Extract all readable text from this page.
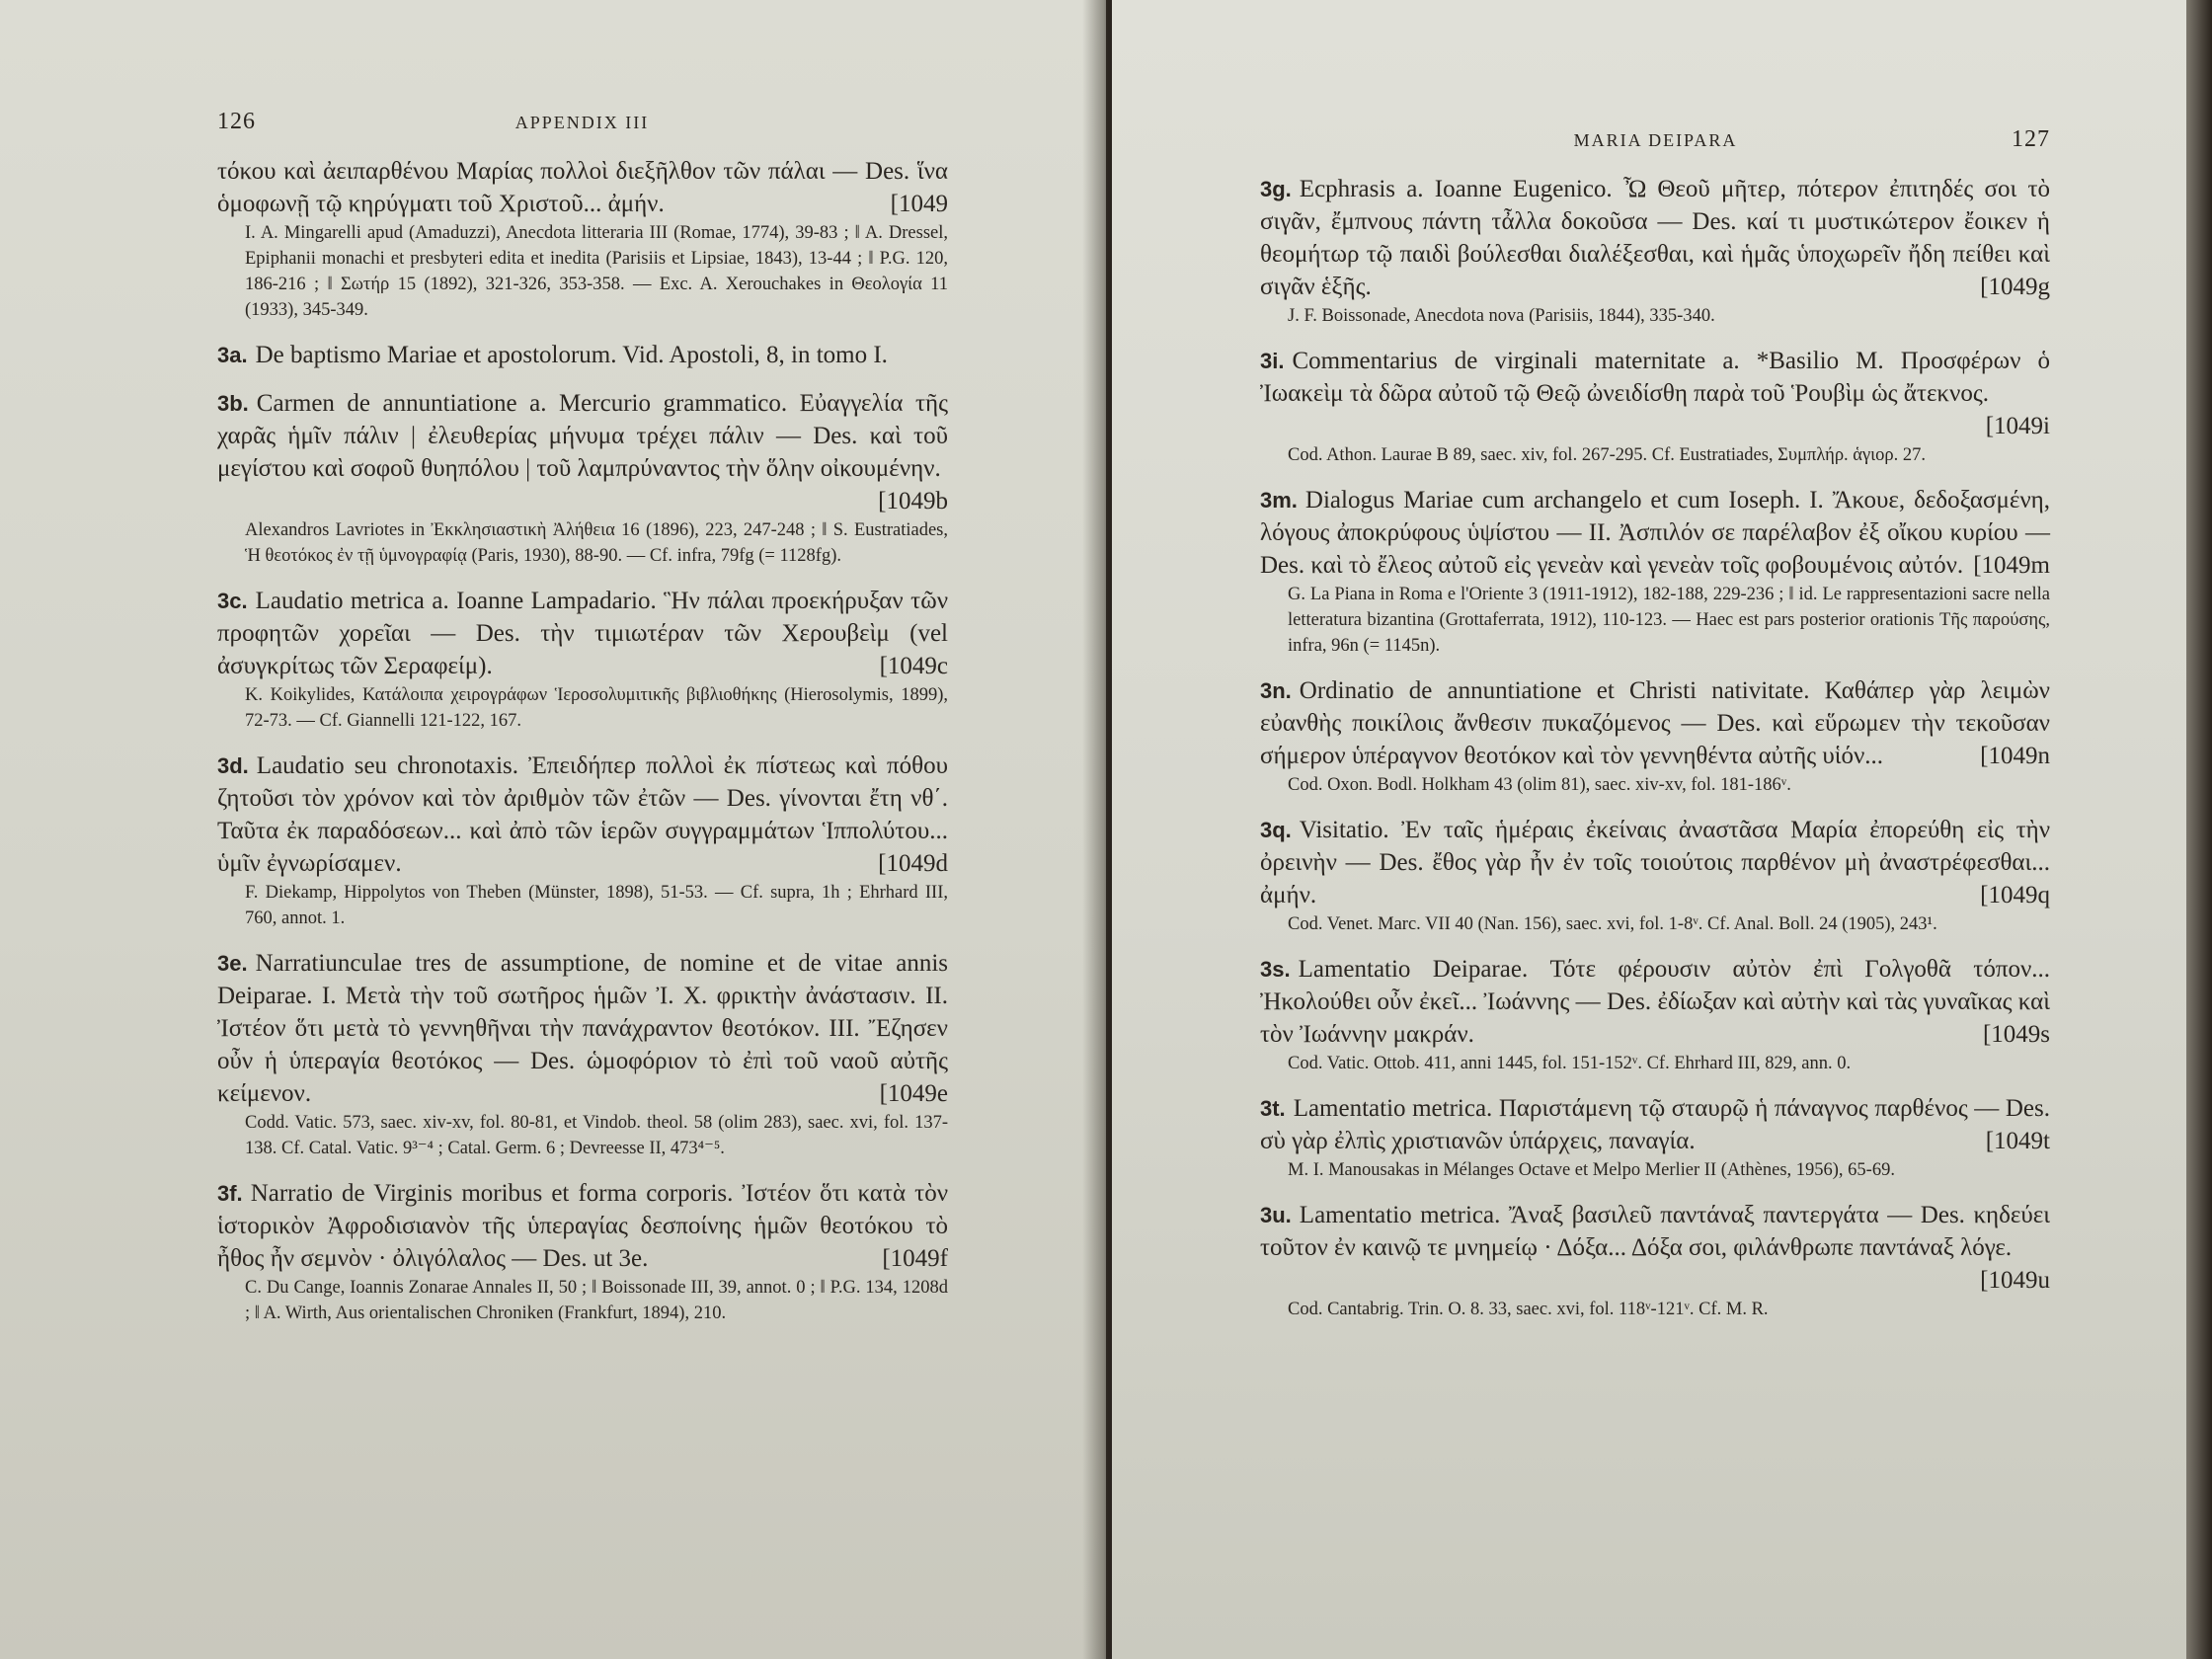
126	APPENDIX III
τόκου καὶ ἀειπαρθένου Μαρίας πολλοὶ διεξῆλθον τῶν πάλαι — Des. ἵνα ὁμοφωνῇ τῷ κηρύγματι τοῦ Χριστοῦ... ἀμήν.	[1049
I. A. Mingarelli apud (Amaduzzi), Anecdota litteraria III (Romae, 1774), 39-83 ; ‖ A. Dressel, Epiphanii monachi et presbyteri edita et inedita (Parisiis et Lipsiae, 1843), 13-44 ; ‖ P.G. 120, 186-216 ; ‖ Σωτήρ 15 (1892), 321-326, 353-358. — Exc. A. Xerouchakes in Θεολογία 11 (1933), 345-349.
3a. De baptismo Mariae et apostolorum. Vid. Apostoli, 8, in tomo I.
3b. Carmen de annuntiatione a. Mercurio grammatico. Εὐαγγελία τῆς χαρᾶς ἡμῖν πάλιν | ἐλευθερίας μήνυμα τρέχει πάλιν — Des. καὶ τοῦ μεγίστου καὶ σοφοῦ θυηπόλου | τοῦ λαμπρύναντος τὴν ὅλην οἰκουμένην.
[1049b
Alexandros Lavriotes in Ἐκκλησιαστικὴ Ἀλήθεια 16 (1896), 223, 247-248 ; ‖ S. Eustratiades, Ἡ θεοτόκος ἐν τῇ ὑμνογραφίᾳ (Paris, 1930), 88-90. — Cf. infra, 79fg (= 1128fg).
3c. Laudatio metrica a. Ioanne Lampadario. Ἣν πάλαι προεκήρυξαν τῶν προφητῶν χορεῖαι — Des. τὴν τιμιωτέραν τῶν Χερουβεὶμ (vel ἀσυγκρίτως τῶν Σεραφείμ).	[1049c
K. Koikylides, Κατάλοιπα χειρογράφων Ἱεροσολυμιτικῆς βιβλιοθήκης (Hierosolymis, 1899), 72-73. — Cf. Giannelli 121-122, 167.
3d. Laudatio seu chronotaxis. Ἐπειδήπερ πολλοὶ ἐκ πίστεως καὶ πόθου ζητοῦσι τὸν χρόνον καὶ τὸν ἀριθμὸν τῶν ἐτῶν — Des. γίνονται ἔτη νθ΄. Ταῦτα ἐκ παραδόσεων... καὶ ἀπὸ τῶν ἱερῶν συγγραμμάτων Ἱππολύτου... ὑμῖν ἐγνωρίσαμεν.	[1049d
F. Diekamp, Hippolytos von Theben (Münster, 1898), 51-53. — Cf. supra, 1h ; Ehrhard III, 760, annot. 1.
3e. Narratiunculae tres de assumptione, de nomine et de vitae annis Deiparae. I. Μετὰ τὴν τοῦ σωτῆρος ἡμῶν Ἰ. Χ. φρικτὴν ἀνάστασιν. II. Ἰστέον ὅτι μετὰ τὸ γεννηθῆναι τὴν πανάχραντον θεοτόκον. III. Ἔζησεν οὖν ἡ ὑπεραγία θεοτόκος — Des. ὡμοφόριον τὸ ἐπὶ τοῦ ναοῦ αὐτῆς κείμενον.	[1049e
Codd. Vatic. 573, saec. xiv-xv, fol. 80-81, et Vindob. theol. 58 (olim 283), saec. xvi, fol. 137-138. Cf. Catal. Vatic. 9³⁻⁴ ; Catal. Germ. 6 ; Devreesse II, 473⁴⁻⁵.
3f. Narratio de Virginis moribus et forma corporis. Ἰστέον ὅτι κατὰ τὸν ἱστορικὸν Ἀφροδισιανὸν τῆς ὑπεραγίας δεσποίνης ἡμῶν θεοτόκου τὸ ἦθος ἦν σεμνὸν · ὀλιγόλαλος — Des. ut 3e.	[1049f
C. Du Cange, Ioannis Zonarae Annales II, 50 ; ‖ Boissonade III, 39, annot. 0 ; ‖ P.G. 134, 1208d ; ‖ A. Wirth, Aus orientalischen Chroniken (Frankfurt, 1894), 210.
MARIA DEIPARA	127
3g. Ecphrasis a. Ioanne Eugenico. Ὦ Θεοῦ μῆτερ, πότερον ἐπιτηδές σοι τὸ σιγᾶν, ἔμπνους πάντη τἆλλα δοκοῦσα — Des. καί τι μυστικώτερον ἔοικεν ἡ θεομήτωρ τῷ παιδὶ βούλεσθαι διαλέξεσθαι, καὶ ἡμᾶς ὑποχωρεῖν ἤδη πείθει καὶ σιγᾶν ἑξῆς.	[1049g
J. F. Boissonade, Anecdota nova (Parisiis, 1844), 335-340.
3i. Commentarius de virginali maternitate a. *Basilio M. Προσφέρων ὁ Ἰωακεὶμ τὰ δῶρα αὐτοῦ τῷ Θεῷ ὠνειδίσθη παρὰ τοῦ Ῥουβὶμ ὡς ἄτεκνος.
[1049i
Cod. Athon. Laurae B 89, saec. xiv, fol. 267-295. Cf. Eustratiades, Συμπλήρ. ἁγιορ. 27.
3m. Dialogus Mariae cum archangelo et cum Ioseph. I. Ἄκουε, δεδοξασμένη, λόγους ἀποκρύφους ὑψίστου — II. Ἀσπιλόν σε παρέλαβον ἐξ οἴκου κυρίου — Des. καὶ τὸ ἔλεος αὐτοῦ εἰς γενεὰν καὶ γενεὰν τοῖς φοβουμένοις αὐτόν. [1049m
G. La Piana in Roma e l'Oriente 3 (1911-1912), 182-188, 229-236 ; ‖ id. Le rappresentazioni sacre nella letteratura bizantina (Grottaferrata, 1912), 110-123. — Haec est pars posterior orationis Τῆς παρούσης, infra, 96n (= 1145n).
3n. Ordinatio de annuntiatione et Christi nativitate. Καθάπερ γὰρ λειμὼν εὐανθὴς ποικίλοις ἄνθεσιν πυκαζόμενος — Des. καὶ εὕρωμεν τὴν τεκοῦσαν σήμερον ὑπέραγνον θεοτόκον καὶ τὸν γεννηθέντα αὐτῆς υἱόν...	[1049n
Cod. Oxon. Bodl. Holkham 43 (olim 81), saec. xiv-xv, fol. 181-186ᵛ.
3q. Visitatio. Ἐν ταῖς ἡμέραις ἐκείναις ἀναστᾶσα Μαρία ἐπορεύθη εἰς τὴν ὀρεινὴν — Des. ἔθος γὰρ ἦν ἐν τοῖς τοιούτοις παρθένον μὴ ἀναστρέφεσθαι... ἀμήν.	[1049q
Cod. Venet. Marc. VII 40 (Nan. 156), saec. xvi, fol. 1-8ᵛ. Cf. Anal. Boll. 24 (1905), 243¹.
3s. Lamentatio Deiparae. Τότε φέρουσιν αὐτὸν ἐπὶ Γολγοθᾶ τόπον... Ἠκολούθει οὖν ἐκεῖ... Ἰωάννης — Des. ἐδίωξαν καὶ αὐτὴν καὶ τὰς γυναῖκας καὶ τὸν Ἰωάννην μακράν.	[1049s
Cod. Vatic. Ottob. 411, anni 1445, fol. 151-152ᵛ. Cf. Ehrhard III, 829, ann. 0.
3t. Lamentatio metrica. Παριστάμενη τῷ σταυρῷ ἡ πάναγνος παρθένος — Des. σὺ γὰρ ἐλπὶς χριστιανῶν ὑπάρχεις, παναγία.	[1049t
M. I. Manousakas in Mélanges Octave et Melpo Merlier II (Athènes, 1956), 65-69.
3u. Lamentatio metrica. Ἄναξ βασιλεῦ παντάναξ παντεργάτα — Des. κηδεύει τοῦτον ἐν καινῷ τε μνημείῳ · Δόξα... Δόξα σοι, φιλάνθρωπε παντάναξ λόγε.
[1049u
Cod. Cantabrig. Trin. O. 8. 33, saec. xvi, fol. 118ᵛ-121ᵛ. Cf. M. R.
